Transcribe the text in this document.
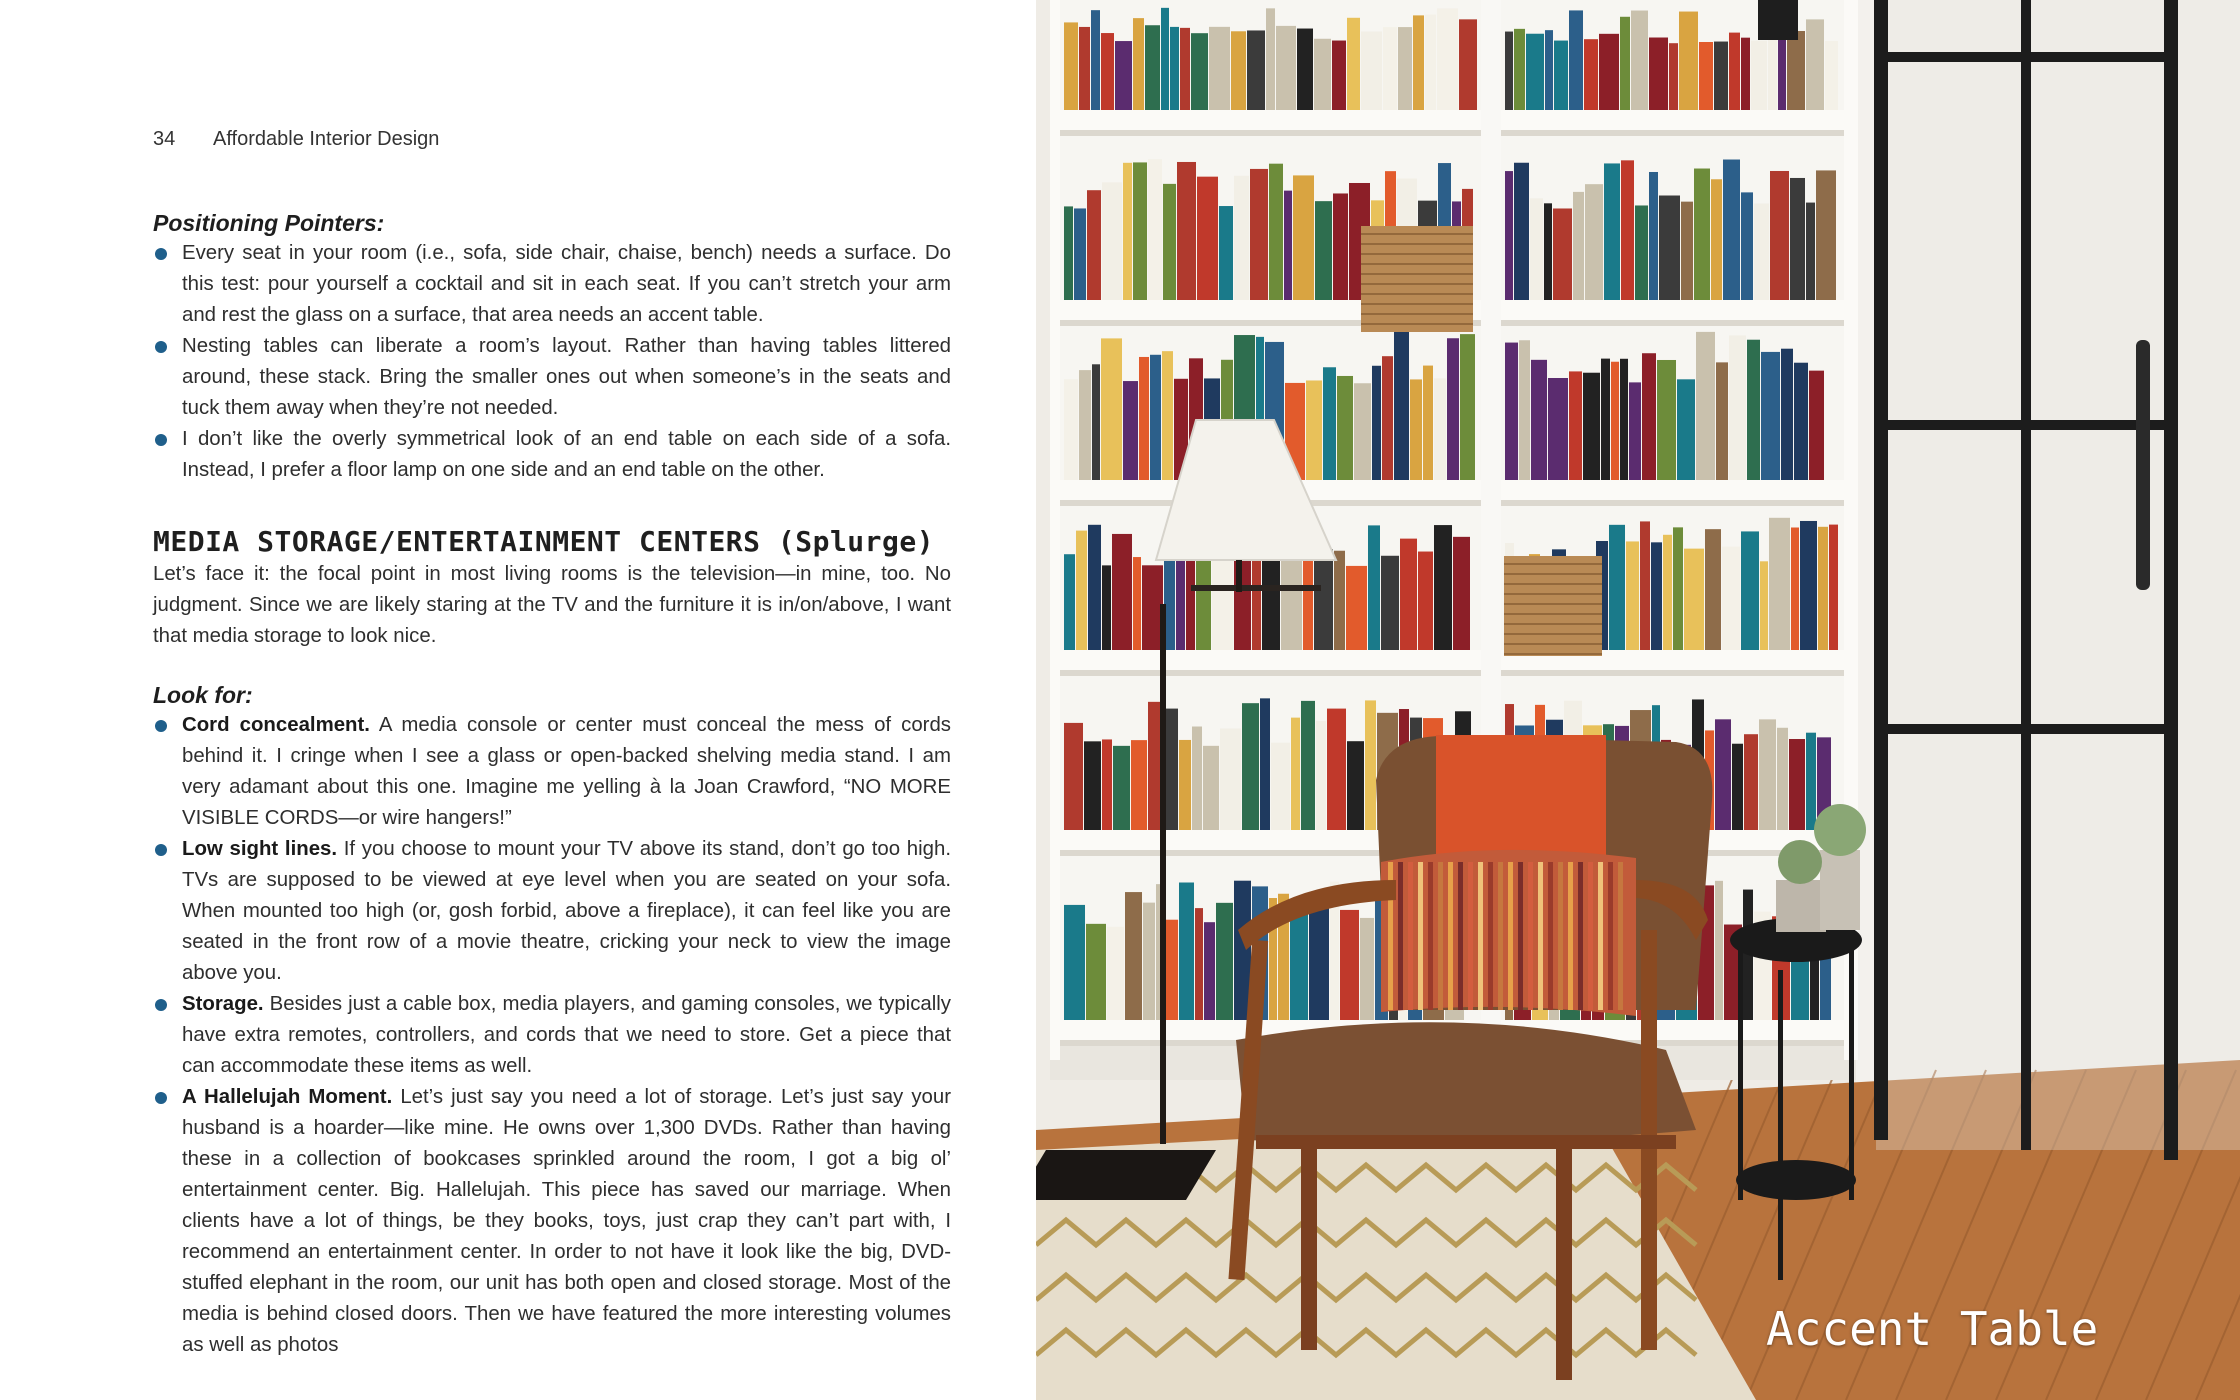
34 Affordable Interior Design
Positioning Pointers:
Every seat in your room (i.e., sofa, side chair, chaise, bench) needs a surface. Do this test: pour yourself a cocktail and sit in each seat. If you can’t stretch your arm and rest the glass on a surface, that area needs an accent table.
Nesting tables can liberate a room’s layout. Rather than having tables littered around, these stack. Bring the smaller ones out when someone’s in the seats and tuck them away when they’re not needed.
I don’t like the overly symmetrical look of an end table on each side of a sofa. Instead, I prefer a floor lamp on one side and an end table on the other.
MEDIA STORAGE/ENTERTAINMENT CENTERS (Splurge)

Let’s face it: the focal point in most living rooms is the television—in mine, too. No judgment. Since we are likely staring at the TV and the furniture it is in/on/above, I want that media storage to look nice.

Look for:
Cord concealment. A media console or center must conceal the mess of cords behind it. I cringe when I see a glass or open-backed shelving media stand. I am very adamant about this one. Imagine me yelling à la Joan Crawford, “NO MORE VISIBLE CORDS—or wire hangers!”
Low sight lines. If you choose to mount your TV above its stand, don’t go too high. TVs are supposed to be viewed at eye level when you are seated on your sofa. When mounted too high (or, gosh forbid, above a fireplace), it can feel like you are seated in the front row of a movie theatre, cricking your neck to view the image above you.
Storage. Besides just a cable box, media players, and gaming consoles, we typically have extra remotes, controllers, and cords that we need to store. Get a piece that can accommodate these items as well.
A Hallelujah Moment. Let’s just say you need a lot of storage. Let’s just say your husband is a hoarder—like mine. He owns over 1,300 DVDs. Rather than having these in a collection of bookcases sprinkled around the room, I got a big ol’ entertainment center. Big. Hallelujah. This piece has saved our marriage. When clients have a lot of things, be they books, toys, just crap they can’t part with, I recommend an entertainment center. In order to not have it look like the big, DVD-stuffed elephant in the room, our unit has both open and closed storage. Most of the media is behind closed doors. Then we have featured the more interesting volumes as well as photos	Accent Table
